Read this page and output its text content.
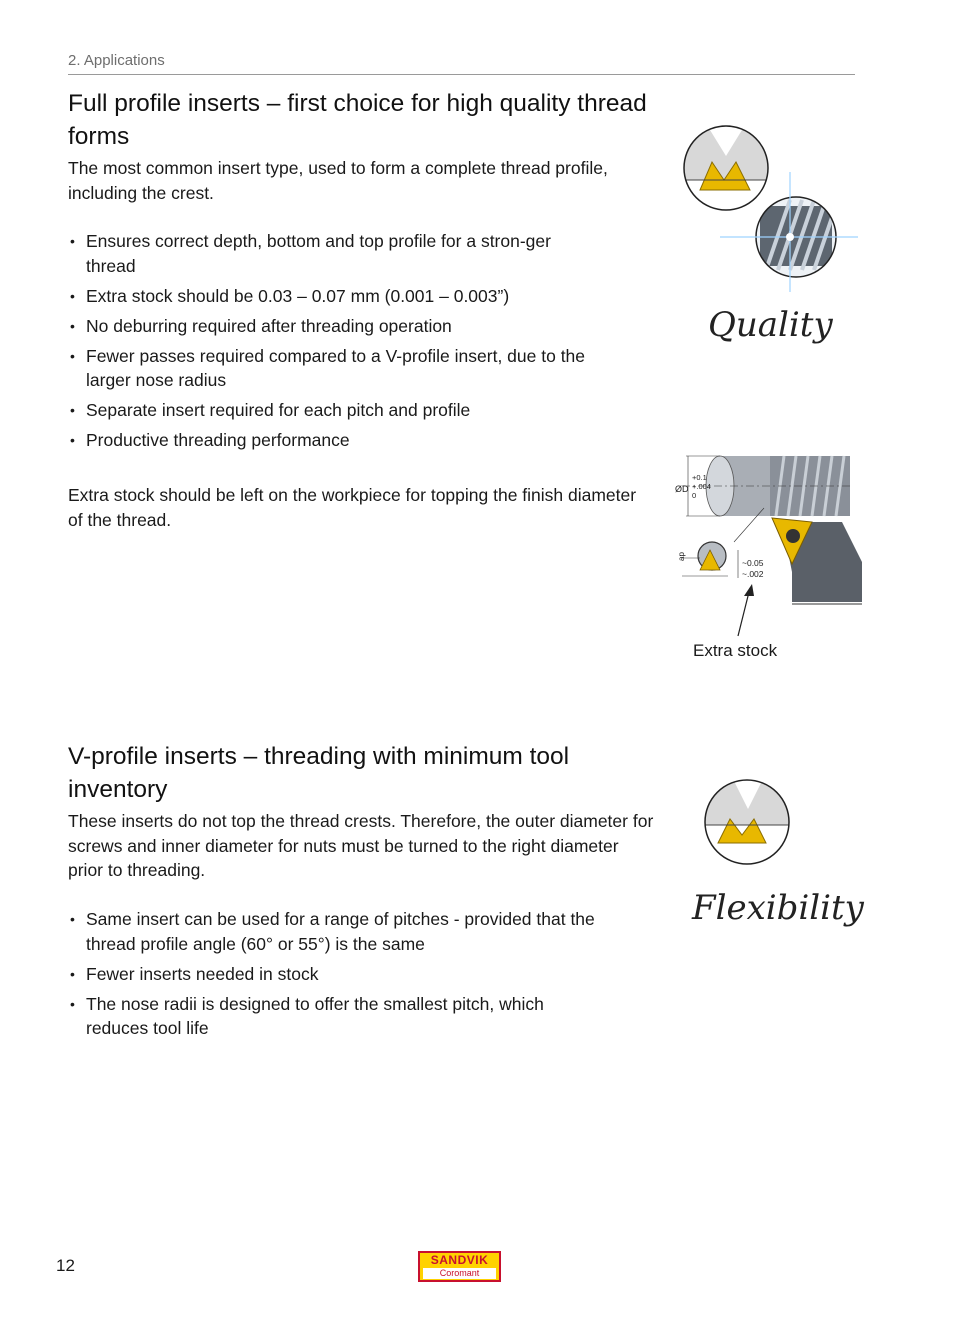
2. Applications
Full profile inserts – first choice for high quality thread forms

The most common insert type, used to form a complete thread profile, including the crest.

• Ensures correct depth, bottom and top profile for a stron-ger thread
• Extra stock should be 0.03 – 0.07 mm (0.001 – 0.003”)
• No deburring required after threading operation
• Fewer passes required compared to a V-profile insert, due to the larger nose radius
• Separate insert required for each pitch and profile
• Productive threading performance

Extra stock should be left on the workpiece for topping the finish diameter of the thread.

Quality
ØD
+0.1
+.004
0
ap
~0.05
~.002
Extra stock
V-profile inserts – threading with minimum tool inventory

These inserts do not top the thread crests. Therefore, the outer diameter for screws and inner diameter for nuts must be turned to the right diameter prior to threading.

• Same insert can be used for a range of pitches - provided that the thread profile angle (60° or 55°) is the same
• Fewer inserts needed in stock
• The nose radii is designed to offer the smallest pitch, which reduces tool life
Flexibility
12	SANDVIK
Coromant
